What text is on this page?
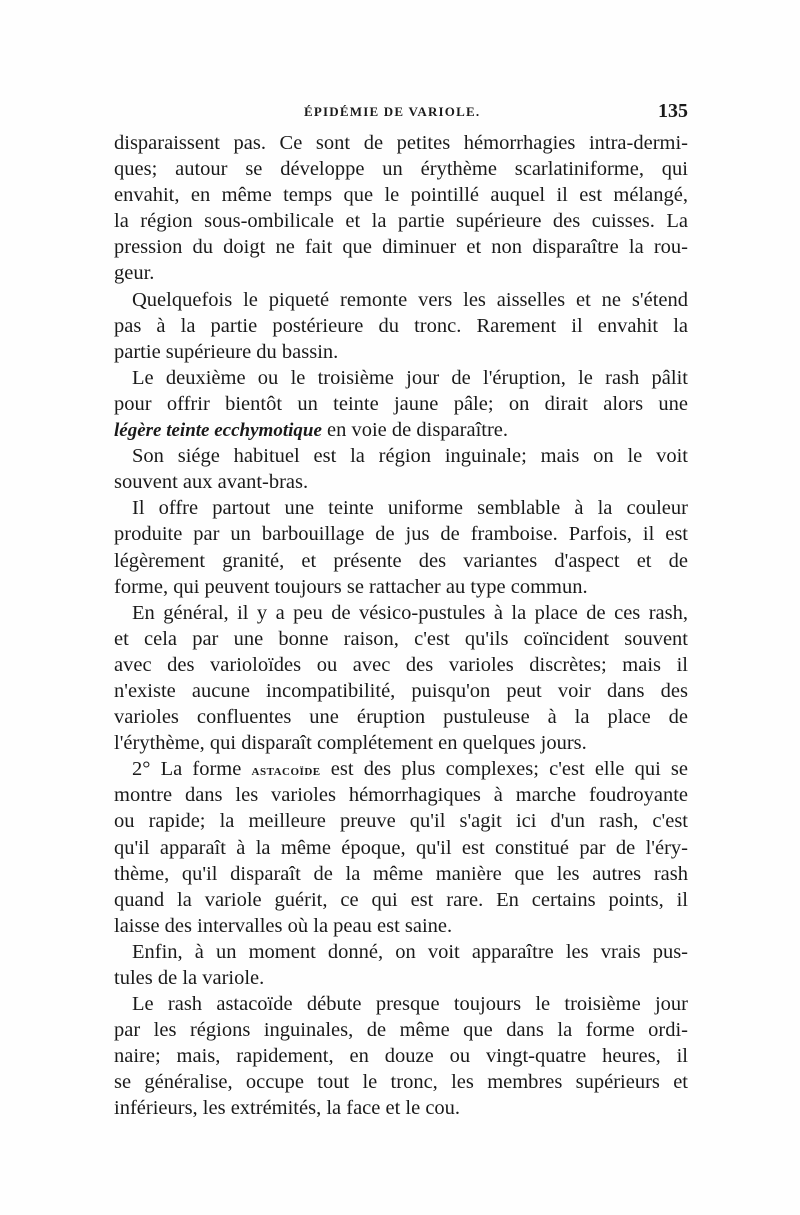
ÉPIDÉMIE DE VARIOLE.	135
disparaissent pas. Ce sont de petites hémorrhagies intra-dermi-
ques; autour se développe un érythème scarlatiniforme, qui
envahit, en même temps que le pointillé auquel il est mélangé,
la région sous-ombilicale et la partie supérieure des cuisses. La
pression du doigt ne fait que diminuer et non disparaître la rou-
geur.
Quelquefois le piqueté remonte vers les aisselles et ne s'étend
pas à la partie postérieure du tronc. Rarement il envahit la
partie supérieure du bassin.
Le deuxième ou le troisième jour de l'éruption, le rash pâlit
pour offrir bientôt un teinte jaune pâle; on dirait alors une
légère teinte ecchymotique en voie de disparaître.
Son siége habituel est la région inguinale; mais on le voit
souvent aux avant-bras.
Il offre partout une teinte uniforme semblable à la couleur
produite par un barbouillage de jus de framboise. Parfois, il est
légèrement granité, et présente des variantes d'aspect et de
forme, qui peuvent toujours se rattacher au type commun.
En général, il y a peu de vésico-pustules à la place de ces rash,
et cela par une bonne raison, c'est qu'ils coïncident souvent
avec des varioloïdes ou avec des varioles discrètes; mais il
n'existe aucune incompatibilité, puisqu'on peut voir dans des
varioles confluentes une éruption pustuleuse à la place de
l'érythème, qui disparaît complétement en quelques jours.
2° La forme astacoïde est des plus complexes; c'est elle qui se
montre dans les varioles hémorrhagiques à marche foudroyante
ou rapide; la meilleure preuve qu'il s'agit ici d'un rash, c'est
qu'il apparaît à la même époque, qu'il est constitué par de l'éry-
thème, qu'il disparaît de la même manière que les autres rash
quand la variole guérit, ce qui est rare. En certains points, il
laisse des intervalles où la peau est saine.
Enfin, à un moment donné, on voit apparaître les vrais pus-
tules de la variole.
Le rash astacoïde débute presque toujours le troisième jour
par les régions inguinales, de même que dans la forme ordi-
naire; mais, rapidement, en douze ou vingt-quatre heures, il
se généralise, occupe tout le tronc, les membres supérieurs et
inférieurs, les extrémités, la face et le cou.
